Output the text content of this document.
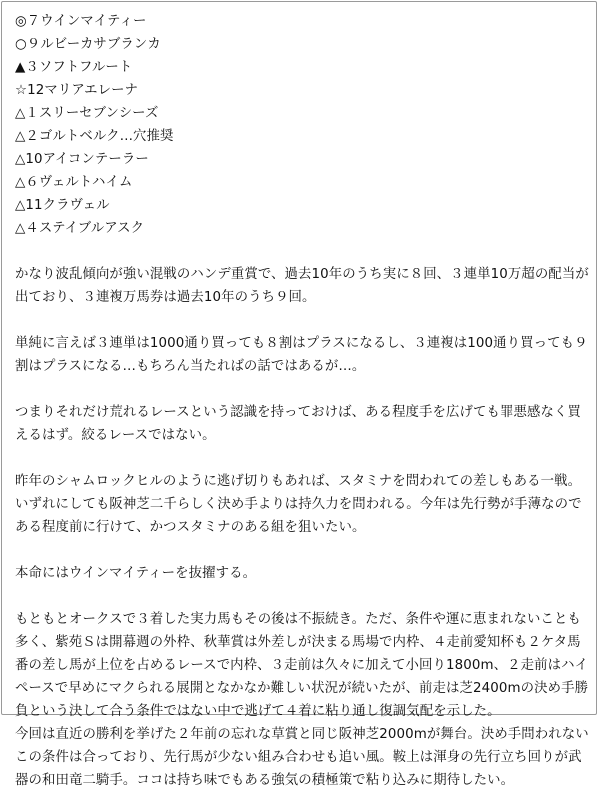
◎７ウインマイティー
○９ルビーカサブランカ
▲３ソフトフルート
☆12マリアエレーナ
△１スリーセブンシーズ
△２ゴルトベルク…穴推奨
△10アイコンテーラー
△６ヴェルトハイム
△11クラヴェル
△４ステイブルアスク

かなり波乱傾向が強い混戦のハンデ重賞で、過去10年のうち実に８回、３連単10万超の配当が出ており、３連複万馬券は過去10年のうち９回。

単純に言えば３連単は1000通り買っても８割はプラスになるし、３連複は100通り買っても９割はプラスになる…もちろん当たればの話ではあるが…。

つまりそれだけ荒れるレースという認識を持っておけば、ある程度手を広げても罪悪感なく買えるはず。絞るレースではない。

昨年のシャムロックヒルのように逃げ切りもあれば、スタミナを問われての差しもある一戦。いずれにしても阪神芝二千らしく決め手よりは持久力を問われる。今年は先行勢が手薄なのである程度前に行けて、かつスタミナのある組を狙いたい。

本命にはウインマイティーを抜擢する。

もともとオークスで３着した実力馬もその後は不振続き。ただ、条件や運に恵まれないことも多く、紫苑Ｓは開幕週の外枠、秋華賞は外差しが決まる馬場で内枠、４走前愛知杯も２ケタ馬番の差し馬が上位を占めるレースで内枠、３走前は久々に加えて小回り1800m、２走前はハイペースで早めにマクられる展開となかなか難しい状況が続いたが、前走は芝2400mの決め手勝負という決して合う条件ではない中で逃げて４着に粘り通し復調気配を示した。

今回は直近の勝利を挙げた２年前の忘れな草賞と同じ阪神芝2000mが舞台。決め手問われないこの条件は合っており、先行馬が少ない組み合わせも追い風。鞍上は渾身の先行立ち回りが武器の和田竜二騎手。ココは持ち味でもある強気の積極策で粘り込みに期待したい。
